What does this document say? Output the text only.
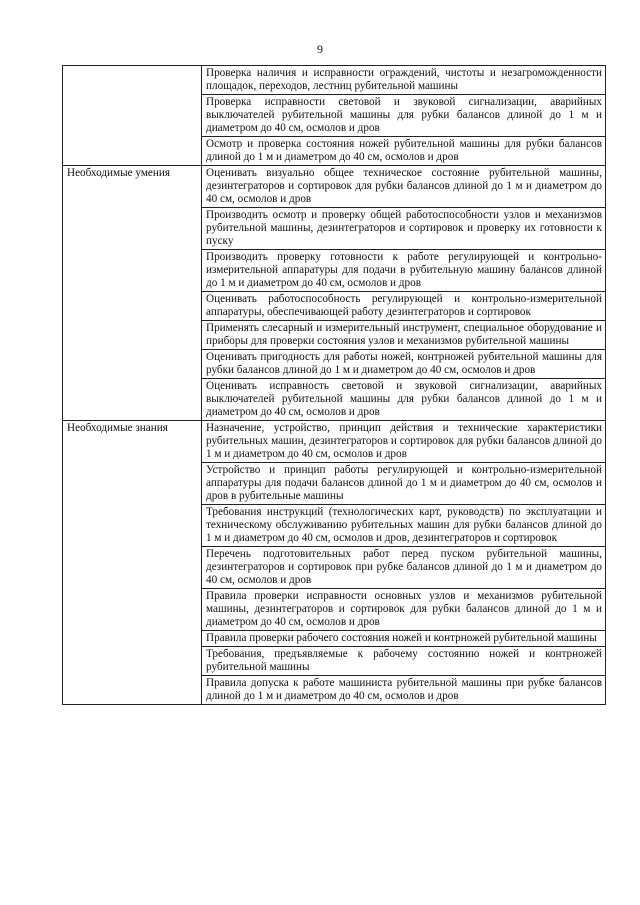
9
	Проверка наличия и исправности ограждений, чистоты и незагроможденности площадок, переходов, лестниц рубительной машины
	Проверка исправности световой и звуковой сигнализации, аварийных выключателей рубительной машины для рубки балансов длиной до 1 м и диаметром до 40 см, осмолов и дров
	Осмотр и проверка состояния ножей рубительной машины для рубки балансов длиной до 1 м и диаметром до 40 см, осмолов и дров

Необходимые умения	Оценивать визуально общее техническое состояние рубительной машины, дезинтеграторов и сортировок для рубки балансов длиной до 1 м и диаметром до 40 см, осмолов и дров
	Производить осмотр и проверку общей работоспособности узлов и механизмов рубительной машины, дезинтеграторов и сортировок и проверку их готовности к пуску
	Производить проверку готовности к работе регулирующей и контрольно-измерительной аппаратуры для подачи в рубительную машину балансов длиной до 1 м и диаметром до 40 см, осмолов и дров
	Оценивать работоспособность регулирующей и контрольно-измерительной аппаратуры, обеспечивающей работу дезинтеграторов и сортировок
	Применять слесарный и измерительный инструмент, специальное оборудование и приборы для проверки состояния узлов и механизмов рубительной машины
	Оценивать пригодность для работы ножей, контрножей рубительной машины для рубки балансов длиной до 1 м и диаметром до 40 см, осмолов и дров
	Оценивать исправность световой и звуковой сигнализации, аварийных выключателей рубительной машины для рубки балансов длиной до 1 м и диаметром до 40 см, осмолов и дров

Необходимые знания	Назначение, устройство, принцип действия и технические характеристики рубительных машин, дезинтеграторов и сортировок для рубки балансов длиной до 1 м и диаметром до 40 см, осмолов и дров
	Устройство и принцип работы регулирующей и контрольно-измерительной аппаратуры для подачи балансов длиной до 1 м и диаметром до 40 см, осмолов и дров в рубительные машины
	Требования инструкций (технологических карт, руководств) по эксплуатации и техническому обслуживанию рубительных машин для рубки балансов длиной до 1 м и диаметром до 40 см, осмолов и дров, дезинтеграторов и сортировок
	Перечень подготовительных работ перед пуском рубительной машины, дезинтеграторов и сортировок при рубке балансов длиной до 1 м и диаметром до 40 см, осмолов и дров
	Правила проверки исправности основных узлов и механизмов рубительной машины, дезинтеграторов и сортировок для рубки балансов длиной до 1 м и диаметром до 40 см, осмолов и дров
	Правила проверки рабочего состояния ножей и контрножей рубительной машины
	Требования, предъявляемые к рабочему состоянию ножей и контрножей рубительной машины
	Правила допуска к работе машиниста рубительной машины при рубке балансов длиной до 1 м и диаметром до 40 см, осмолов и дров
